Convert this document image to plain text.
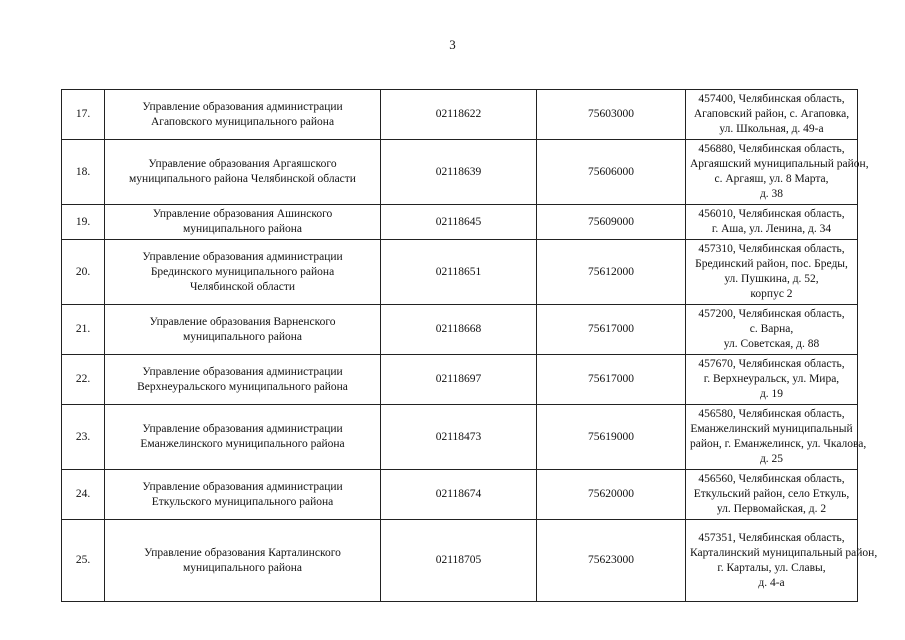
3
17.	Управление образования администрации
Агаповского муниципального района	02118622	75603000	457400, Челябинская область,
Агаповский район, с. Агаповка,
ул. Школьная, д. 49-а

18.	Управление образования Аргаяшского
муниципального района Челябинской области	02118639	75606000	456880, Челябинская область,
Аргаяшский муниципальный район,
с. Аргаяш, ул. 8 Марта,
д. 38

19.	Управление образования Ашинского
муниципального района	02118645	75609000	456010, Челябинская область,
г. Аша, ул. Ленина, д. 34

20.	Управление образования администрации
Брединского муниципального района
Челябинской области	02118651	75612000	457310, Челябинская область,
Брединский район, пос. Бреды,
ул. Пушкина, д. 52,
корпус 2

21.	Управление образования Варненского
муниципального района	02118668	75617000	457200, Челябинская область,
с. Варна,
ул. Советская, д. 88

22.	Управление образования администрации
Верхнеуральского муниципального района	02118697	75617000	457670, Челябинская область,
г. Верхнеуральск, ул. Мира,
д. 19

23.	Управление образования администрации
Еманжелинского муниципального района	02118473	75619000	456580, Челябинская область,
Еманжелинский муниципальный
район, г. Еманжелинск, ул. Чкалова,
д. 25

24.	Управление образования администрации
Еткульского муниципального района	02118674	75620000	456560, Челябинская область,
Еткульский район, село Еткуль,
ул. Первомайская, д. 2

25.	Управление образования Карталинского
муниципального района	02118705	75623000	457351, Челябинская область,
Карталинский муниципальный район,
г. Карталы, ул. Славы,
д. 4-а
